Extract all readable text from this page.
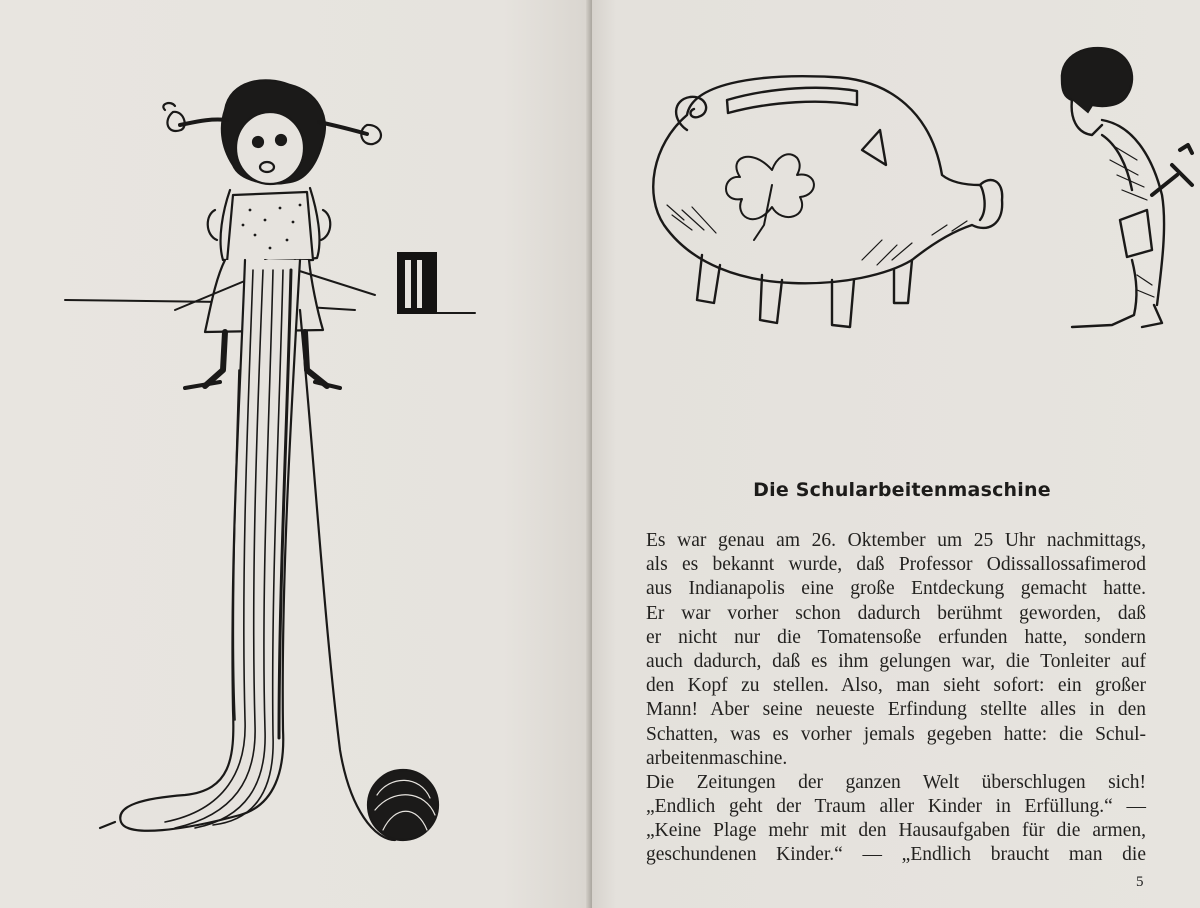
Die Schularbeitenmaschine
Es war genau am 26. Oktember um 25 Uhr nachmittags,
als es bekannt wurde, daß Professor Odissallossafimerod
aus Indianapolis eine große Entdeckung gemacht hatte.
Er war vorher schon dadurch berühmt geworden, daß
er nicht nur die Tomatensoße erfunden hatte, sondern
auch dadurch, daß es ihm gelungen war, die Tonleiter auf
den Kopf zu stellen. Also, man sieht sofort: ein großer
Mann! Aber seine neueste Erfindung stellte alles in den
Schatten, was es vorher jemals gegeben hatte: die Schul-
arbeitenmaschine.
Die Zeitungen der ganzen Welt überschlugen sich!
„Endlich geht der Traum aller Kinder in Erfüllung.“ —
„Keine Plage mehr mit den Hausaufgaben für die armen,
geschundenen Kinder.“ — „Endlich braucht man die
5
